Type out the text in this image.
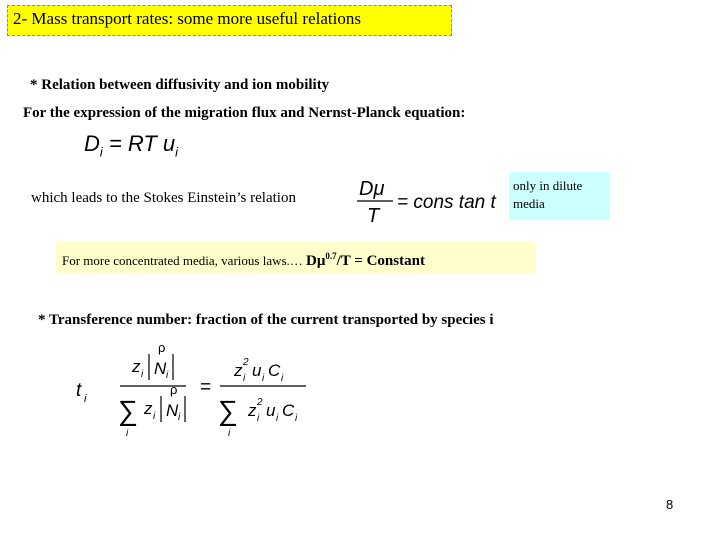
2- Mass transport rates: some more useful relations
* Relation between diffusivity and ion mobility
For the expression of the migration flux and Nernst-Planck equation:
$D_i$ = RT $u_i$
which leads to the Stokes Einstein’s relation	Dμ
T
= cons tan t
only in dilute media
For more concentrated media, various laws.… $D\mu^{0.7}/T$ = Constant
* Transference number: fraction of the current transported by species i
t i
z i
ρ
N i
∑
i
z i
ρ
N i
=
z 2
i u i C i
∑
i
z 2
i u i C i
8
